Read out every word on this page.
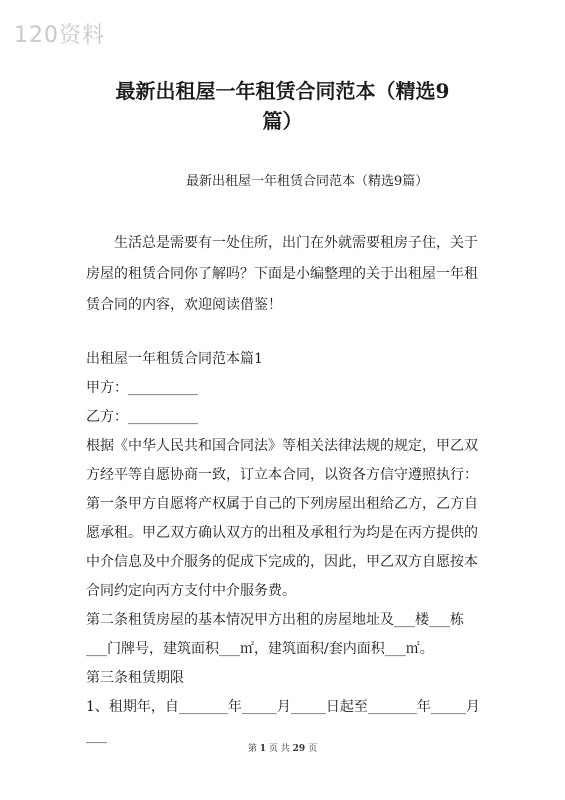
120资料
最新出租屋一年租赁合同范本（精选9
篇）
最新出租屋一年租赁合同范本（精选9篇）

生活总是需要有一处住所，出门在外就需要租房子住，关于房屋的租赁合同你了解吗？下面是小编整理的关于出租屋一年租赁合同的内容，欢迎阅读借鉴！

出租屋一年租赁合同范本篇1

甲方：__________

乙方：__________

根据《中华人民共和国合同法》等相关法律法规的规定，甲乙双方经平等自愿协商一致，订立本合同，以资各方信守遵照执行：

第一条甲方自愿将产权属于自己的下列房屋出租给乙方，乙方自愿承租。甲乙双方确认双方的出租及承租行为均是在丙方提供的中介信息及中介服务的促成下完成的，因此，甲乙双方自愿按本合同约定向丙方支付中介服务费。

第二条租赁房屋的基本情况甲方出租的房屋地址及___楼___栋___门牌号，建筑面积___㎡，建筑面积/套内面积___㎡。

第三条租赁期限

1、租期年，自_______年_____月_____日起至_______年_____月___

第 1 页 共 29 页
